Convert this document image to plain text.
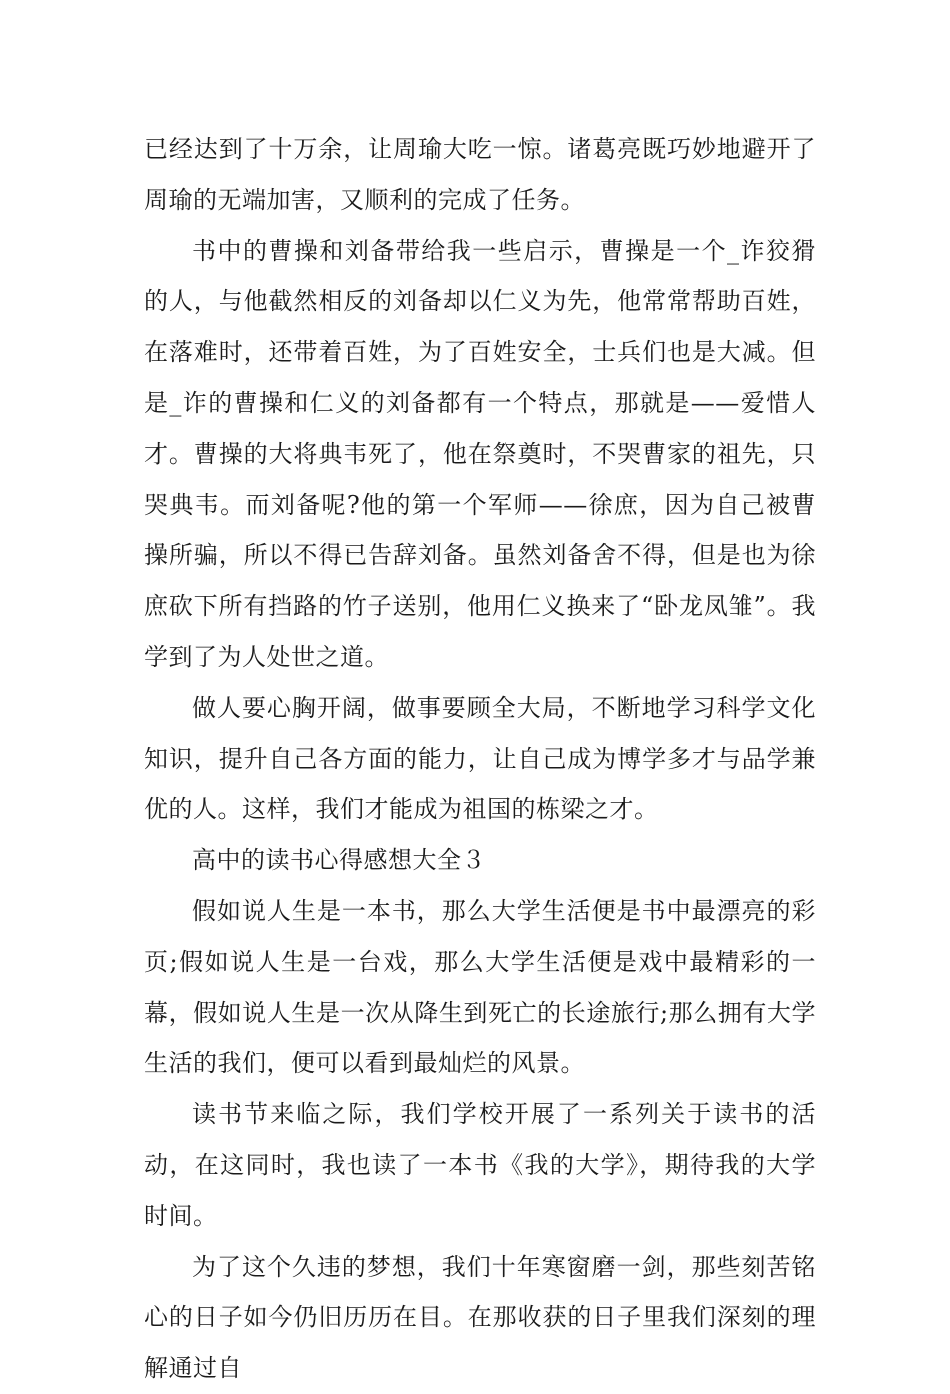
已经达到了十万余，让周瑜大吃一惊。诸葛亮既巧妙地避开了周瑜的无端加害，又顺利的完成了任务。

书中的曹操和刘备带给我一些启示，曹操是一个_诈狡猾的人，与他截然相反的刘备却以仁义为先，他常常帮助百姓，在落难时，还带着百姓，为了百姓安全，士兵们也是大减。但是_诈的曹操和仁义的刘备都有一个特点，那就是——爱惜人才。曹操的大将典韦死了，他在祭奠时，不哭曹家的祖先，只哭典韦。而刘备呢?他的第一个军师——徐庶，因为自己被曹操所骗，所以不得已告辞刘备。虽然刘备舍不得，但是也为徐庶砍下所有挡路的竹子送别，他用仁义换来了“卧龙凤雏”。我学到了为人处世之道。

做人要心胸开阔，做事要顾全大局，不断地学习科学文化知识，提升自己各方面的能力，让自己成为博学多才与品学兼优的人。这样，我们才能成为祖国的栋梁之才。

高中的读书心得感想大全３

假如说人生是一本书，那么大学生活便是书中最漂亮的彩页;假如说人生是一台戏，那么大学生活便是戏中最精彩的一幕，假如说人生是一次从降生到死亡的长途旅行;那么拥有大学生活的我们，便可以看到最灿烂的风景。

读书节来临之际，我们学校开展了一系列关于读书的活动，在这同时，我也读了一本书《我的大学》，期待我的大学时间。

为了这个久违的梦想，我们十年寒窗磨一剑，那些刻苦铭心的日子如今仍旧历历在目。在那收获的日子里我们深刻的理解通过自
